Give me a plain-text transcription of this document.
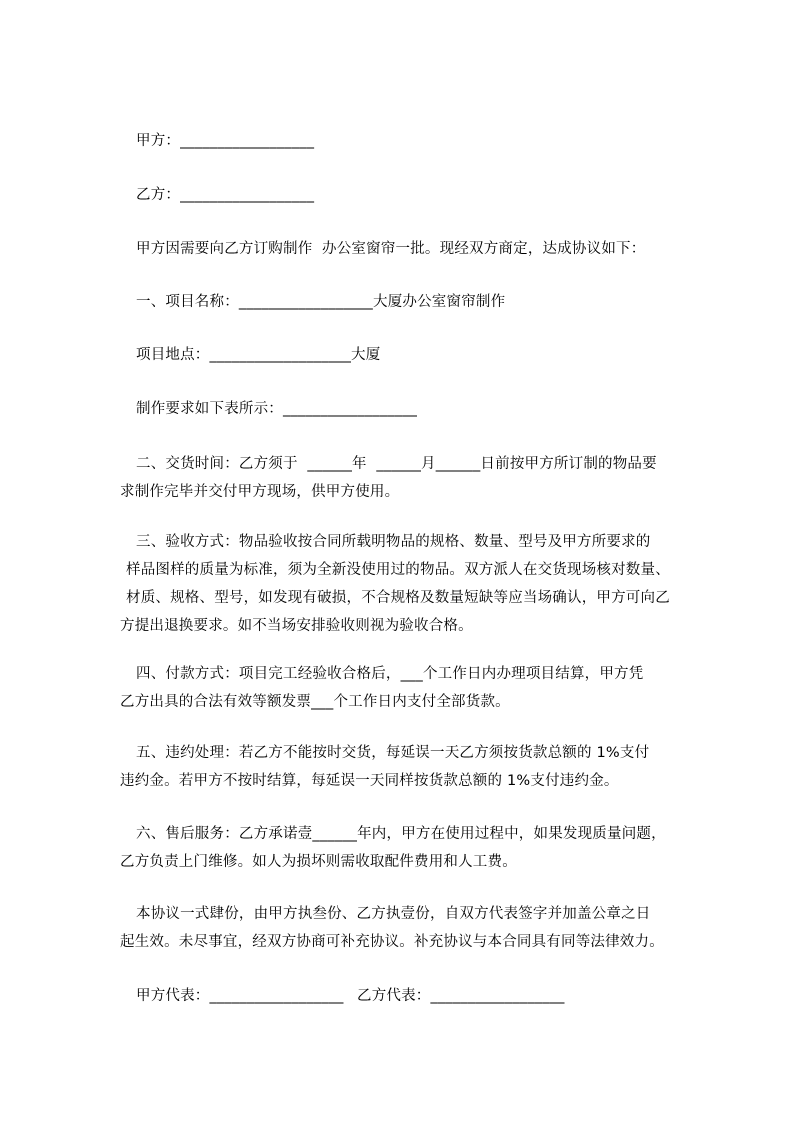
甲方：__________________

乙方：__________________

甲方因需要向乙方订购制作  办公室窗帘一批。现经双方商定，达成协议如下：

一、项目名称：__________________大厦办公室窗帘制作

项目地点：___________________大厦

制作要求如下表所示：__________________

二、交货时间：乙方须于  ______年  ______月______日前按甲方所订制的物品要
求制作完毕并交付甲方现场，供甲方使用。
三、验收方式：物品验收按合同所载明物品的规格、数量、型号及甲方所要求的
样品图样的质量为标准，须为全新没使用过的物品。双方派人在交货现场核对数量、
材质、规格、型号，如发现有破损，不合规格及数量短缺等应当场确认，甲方可向乙
方提出退换要求。如不当场安排验收则视为验收合格。
四、付款方式：项目完工经验收合格后，___个工作日内办理项目结算，甲方凭
乙方出具的合法有效等额发票___个工作日内支付全部货款。
五、违约处理：若乙方不能按时交货，每延误一天乙方须按货款总额的 1%支付
违约金。若甲方不按时结算，每延误一天同样按货款总额的 1%支付违约金。
六、售后服务：乙方承诺壹______年内，甲方在使用过程中，如果发现质量问题，
乙方负责上门维修。如人为损坏则需收取配件费用和人工费。
本协议一式肆份，由甲方执叁份、乙方执壹份，自双方代表签字并加盖公章之日
起生效。未尽事宜，经双方协商可补充协议。补充协议与本合同具有同等法律效力。

甲方代表：__________________ 乙方代表：__________________
